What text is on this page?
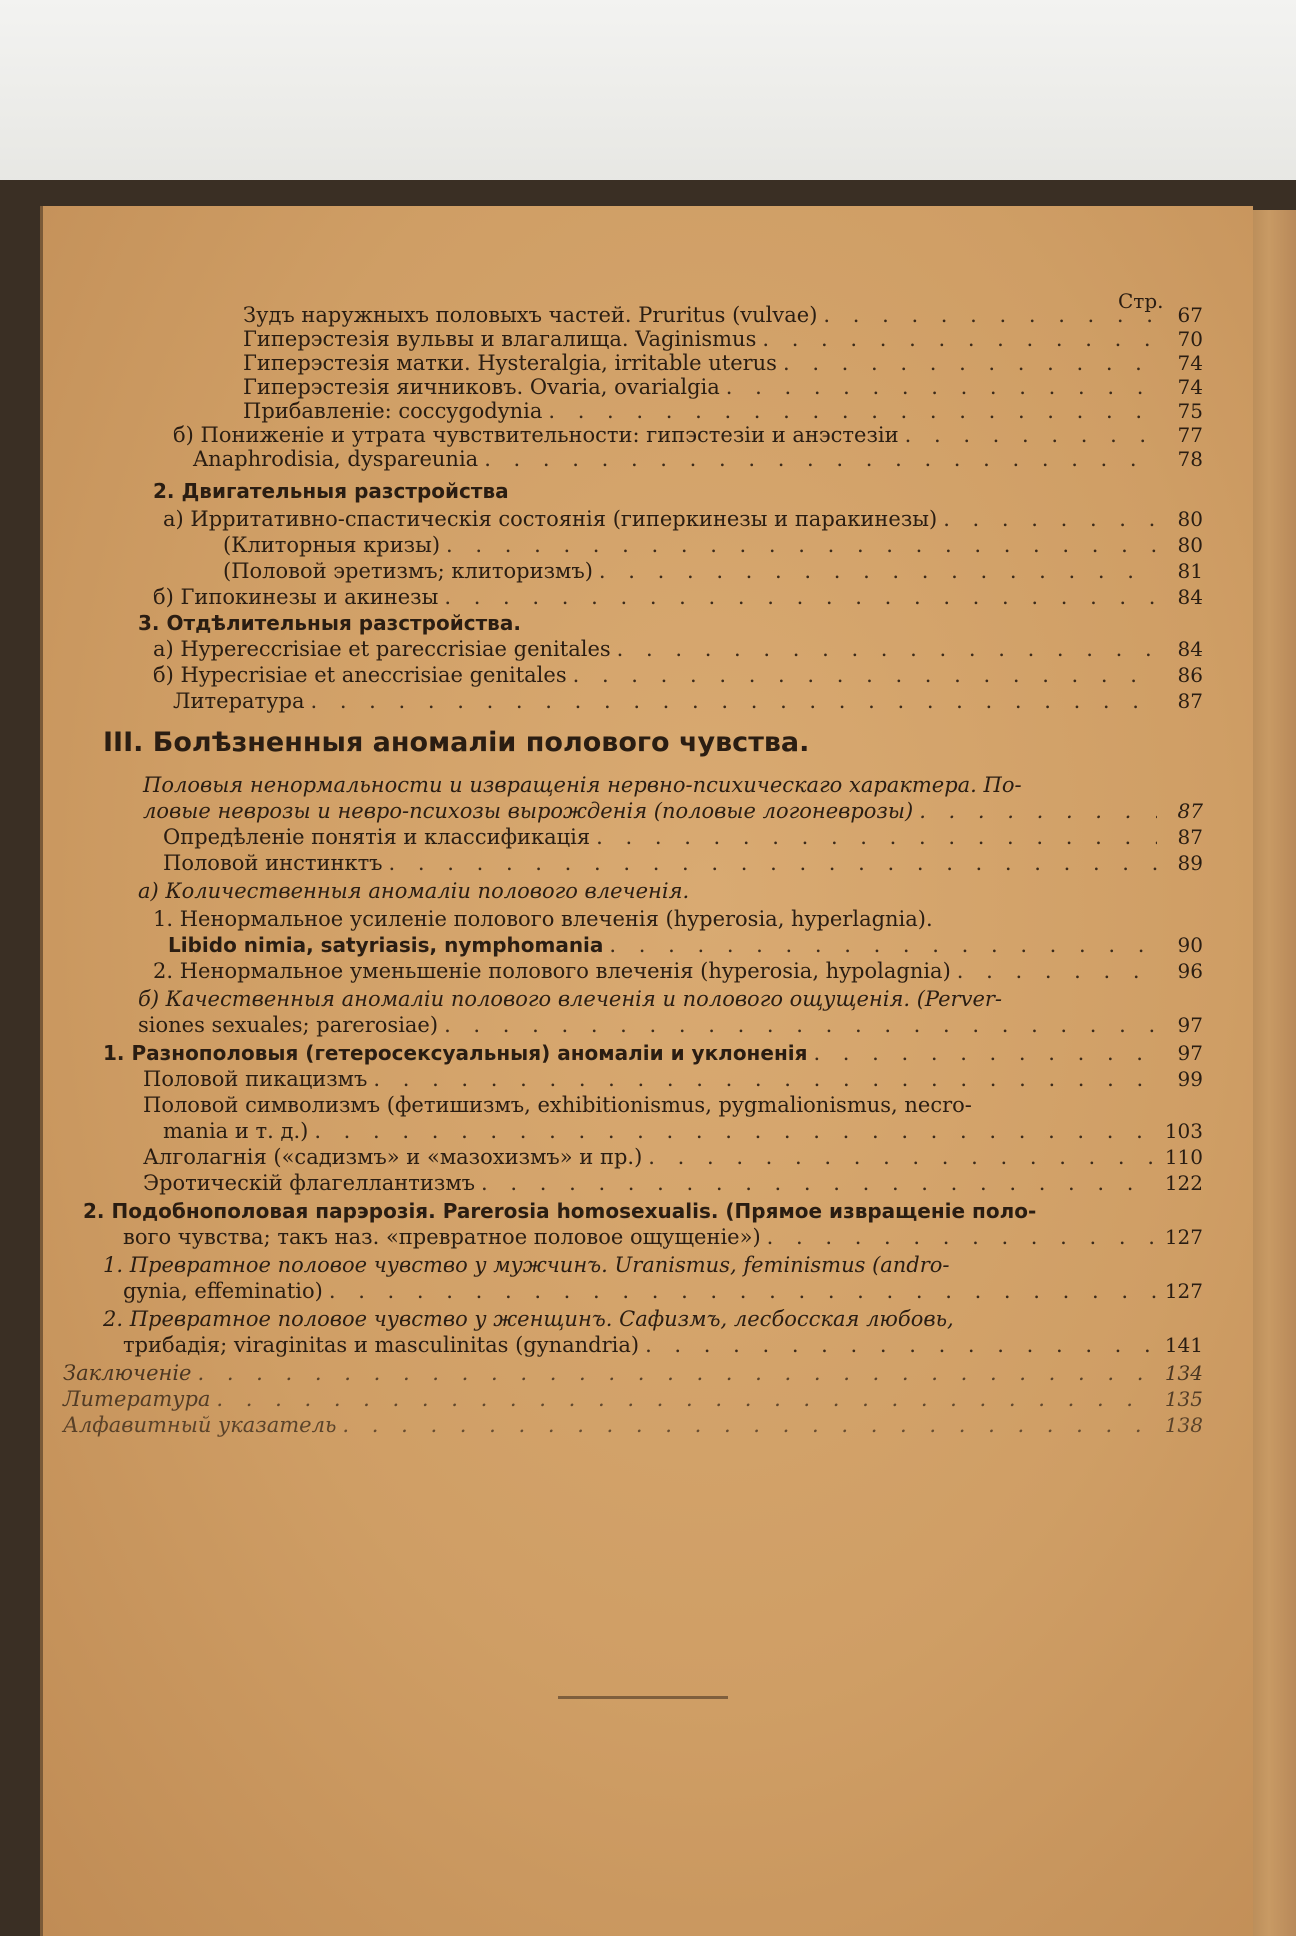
Стр.
Зудъ наружныхъ половыхъ частей. Pruritus (vulvae) . . .	67
Гиперэстезія вульвы и влагалища. Vaginismus . . .	70
Гиперэстезія матки. Hysteralgia, irritable uterus . . .	74
Гиперэстезія яичниковъ. Ovaria, ovarialgia . . .	74
Прибавленіе: coccygodynia . . .	75
б) Пониженіе и утрата чувствительности: гипэстезіи и анэстезіи . . .	77
Anaphrodisia, dyspareunia . . .	78
2. Двигательныя разстройства
а) Ирритативно-спастическія состоянія (гиперкинезы и паракинезы) . . .	80
(Клиторныя кризы) . . .	80
(Половой эретизмъ; клиторизмъ) . . .	81
б) Гипокинезы и акинезы . . .	84
3. Отдѣлительныя разстройства.
а) Hypereccrisiae et pareccrisiae genitales . . .	84
б) Hypecrisiae et aneccrisiae genitales . . .	86
Литература . . .	87
III. Болѣзненныя аномаліи полового чувства.
Половыя ненормальности и извращенія нервно-психическаго характера. По-
ловые неврозы и невро-психозы вырожденія (половые логоневрозы) . . .	87
Опредѣленіе понятія и классификація . . .	87
Половой инстинктъ . . .	89
а) Количественныя аномаліи полового влеченія.
1. Ненормальное усиленіе полового влеченія (hyperosia, hyperlagnia).
Libido nimia, satyriasis, nymphomania . . .	90
2. Ненормальное уменьшеніе полового влеченія (hyperosia, hypolagnia) . . .	96
б) Качественныя аномаліи полового влеченія и полового ощущенія. (Perver-
siones sexuales; parerosiae) . . .	97
1. Разнополовыя (гетеросексуальныя) аномаліи и уклоненія . . .	97
Половой пикацизмъ . . .	99
Половой символизмъ (фетишизмъ, exhibitionismus, pygmalionismus, necro-
mania и т. д.) . . .	103
Алголагнія («садизмъ» и «мазохизмъ» и пр.) . . .	110
Эротическій флагеллантизмъ . . .	122
2. Подобнополовая парэрозія. Parerosia homosexualis. (Прямое извращеніе поло-
вого чувства; такъ наз. «превратное половое ощущеніе») . . .	127
1. Превратное половое чувство у мужчинъ. Uranismus, feminismus (andro-
gynia, effeminatio) . . .	127
2. Превратное половое чувство у женщинъ. Сафизмъ, лесбосская любовь,
трибадія; viraginitas и masculinitas (gynandria) . . .	141
Заключеніе . . .	134
Литература . . .	135
Алфавитный указатель . . .	138
